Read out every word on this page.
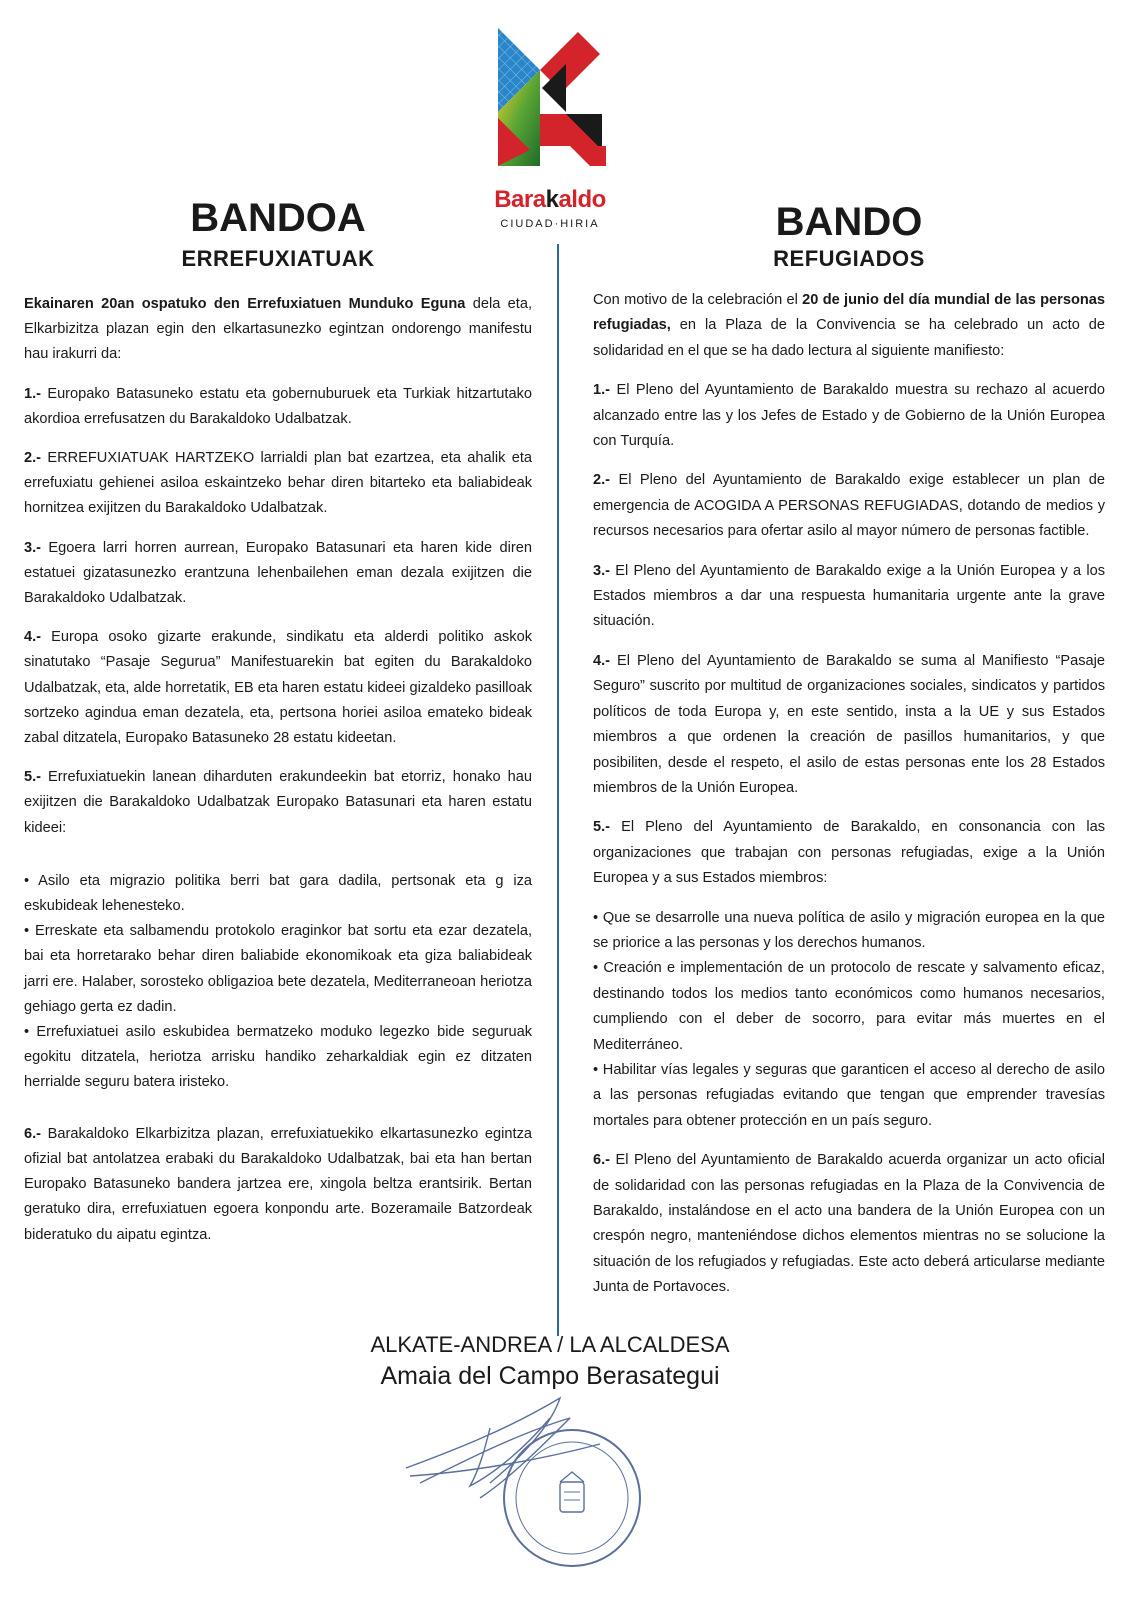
Barakaldo
CIUDAD·HIRIA
BANDOA
ERREFUXIATUAK

Ekainaren 20an ospatuko den Errefuxiatuen Munduko Eguna dela eta, Elkarbizitza plazan egin den elkartasunezko egintzan ondorengo manifestu hau irakurri da:

1.- Europako Batasuneko estatu eta gobernuburuek eta Turkiak hitzartutako akordioa errefusatzen du Barakaldoko Udalbatzak.

2.- ERREFUXIATUAK HARTZEKO larrialdi plan bat ezartzea, eta ahalik eta errefuxiatu gehienei asiloa eskaintzeko behar diren bitarteko eta baliabideak hornitzea exijitzen du Barakaldoko Udalbatzak.

3.- Egoera larri horren aurrean, Europako Batasunari eta haren kide diren estatuei gizatasunezko erantzuna lehenbailehen eman dezala exijitzen die Barakaldoko Udalbatzak.

4.- Europa osoko gizarte erakunde, sindikatu eta alderdi politiko askok sinatutako “Pasaje Segurua” Manifestuarekin bat egiten du Barakaldoko Udalbatzak, eta, alde horretatik, EB eta haren estatu kideei gizaldeko pasilloak sortzeko agindua eman dezatela, eta, pertsona horiei asiloa emateko bideak zabal ditzatela, Europako Batasuneko 28 estatu kideetan.

5.- Errefuxiatuekin lanean diharduten erakundeekin bat etorriz, honako hau exijitzen die Barakaldoko Udalbatzak Europako Batasunari eta haren estatu kideei:

• Asilo eta migrazio politika berri bat gara dadila, pertsonak eta g iza eskubideak lehenesteko.

• Erreskate eta salbamendu protokolo eraginkor bat sortu eta ezar dezatela, bai eta horretarako behar diren baliabide ekonomikoak eta giza baliabideak jarri ere. Halaber, sorosteko obligazioa bete dezatela, Mediterraneoan heriotza gehiago gerta ez dadin.

• Errefuxiatuei asilo eskubidea bermatzeko moduko legezko bide seguruak egokitu ditzatela, heriotza arrisku handiko zeharkaldiak egin ez ditzaten herrialde seguru batera iristeko.

6.- Barakaldoko Elkarbizitza plazan, errefuxiatuekiko elkartasunezko egintza ofizial bat antolatzea erabaki du Barakaldoko Udalbatzak, bai eta han bertan Europako Batasuneko bandera jartzea ere, xingola beltza erantsirik. Bertan geratuko dira, errefuxiatuen egoera konpondu arte. Bozeramaile Batzordeak bideratuko du aipatu egintza.

BANDO
REFUGIADOS

Con motivo de la celebración el 20 de junio del día mundial de las personas refugiadas, en la Plaza de la Convivencia se ha celebrado un acto de solidaridad en el que se ha dado lectura al siguiente manifiesto:

1.- El Pleno del Ayuntamiento de Barakaldo muestra su rechazo al acuerdo alcanzado entre las y los Jefes de Estado y de Gobierno de la Unión Europea con Turquía.

2.- El Pleno del Ayuntamiento de Barakaldo exige establecer un plan de emergencia de ACOGIDA A PERSONAS REFUGIADAS, dotando de medios y recursos necesarios para ofertar asilo al mayor número de personas factible.

3.- El Pleno del Ayuntamiento de Barakaldo exige a la Unión Europea y a los Estados miembros a dar una respuesta humanitaria urgente ante la grave situación.

4.- El Pleno del Ayuntamiento de Barakaldo se suma al Manifiesto “Pasaje Seguro” suscrito por multitud de organizaciones sociales, sindicatos y partidos políticos de toda Europa y, en este sentido, insta a la UE y sus Estados miembros a que ordenen la creación de pasillos humanitarios, y que posibiliten, desde el respeto, el asilo de estas personas ente los 28 Estados miembros de la Unión Europea.

5.- El Pleno del Ayuntamiento de Barakaldo, en consonancia con las organizaciones que trabajan con personas refugiadas, exige a la Unión Europea y a sus Estados miembros:

• Que se desarrolle una nueva política de asilo y migración europea en la que se priorice a las personas y los derechos humanos.

• Creación e implementación de un protocolo de rescate y salvamento eficaz, destinando todos los medios tanto económicos como humanos necesarios, cumpliendo con el deber de socorro, para evitar más muertes en el Mediterráneo.

• Habilitar vías legales y seguras que garanticen el acceso al derecho de asilo a las personas refugiadas evitando que tengan que emprender travesías mortales para obtener protección en un país seguro.

6.- El Pleno del Ayuntamiento de Barakaldo acuerda organizar un acto oficial de solidaridad con las personas refugiadas en la Plaza de la Convivencia de Barakaldo, instalándose en el acto una bandera de la Unión Europea con un crespón negro, manteniéndose dichos elementos mientras no se solucione la situación de los refugiados y refugiadas. Este acto deberá articularse mediante Junta de Portavoces.

ALKATE-ANDREA / LA ALCALDESA
Amaia del Campo Berasategui
